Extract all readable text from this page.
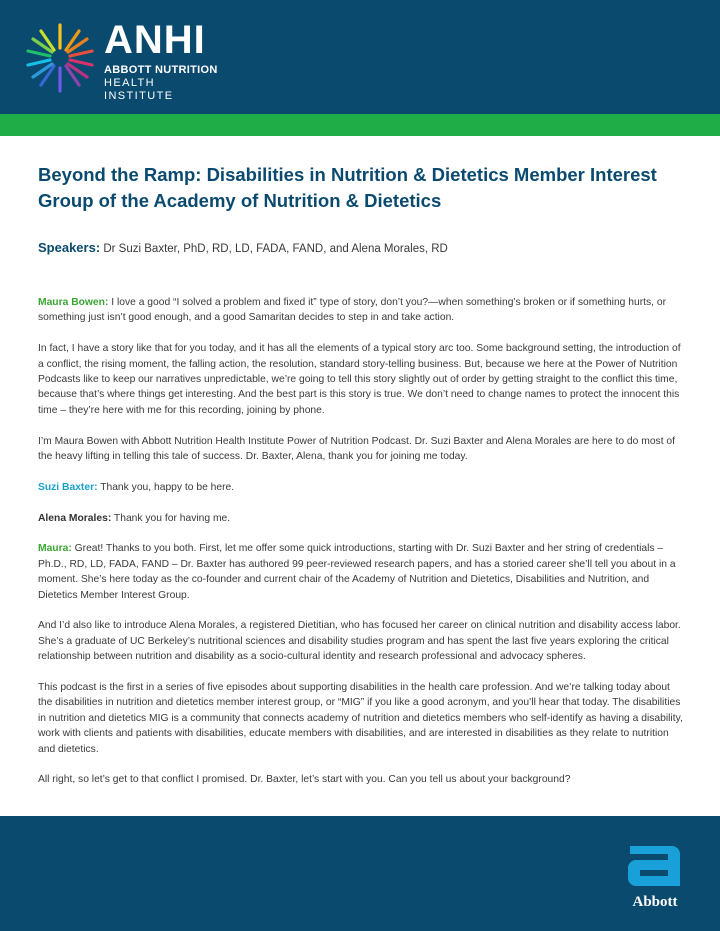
ANHI
ABBOTT NUTRITION
HEALTH INSTITUTE
Beyond the Ramp: Disabilities in Nutrition & Dietetics Member Interest Group of the Academy of Nutrition & Dietetics
Speakers: Dr Suzi Baxter, PhD, RD, LD, FADA, FAND, and Alena Morales, RD

Maura Bowen: I love a good “I solved a problem and fixed it” type of story, don’t you?—when something’s broken or if something hurts, or something just isn’t good enough, and a good Samaritan decides to step in and take action.

In fact, I have a story like that for you today, and it has all the elements of a typical story arc too. Some background setting, the introduction of a conflict, the rising moment, the falling action, the resolution, standard story-telling business. But, because we here at the Power of Nutrition Podcasts like to keep our narratives unpredictable, we’re going to tell this story slightly out of order by getting straight to the conflict this time, because that’s where things get interesting. And the best part is this story is true. We don’t need to change names to protect the innocent this time – they’re here with me for this recording, joining by phone.

I’m Maura Bowen with Abbott Nutrition Health Institute Power of Nutrition Podcast. Dr. Suzi Baxter and Alena Morales are here to do most of the heavy lifting in telling this tale of success. Dr. Baxter, Alena, thank you for joining me today.

Suzi Baxter: Thank you, happy to be here.

Alena Morales: Thank you for having me.

Maura: Great! Thanks to you both. First, let me offer some quick introductions, starting with Dr. Suzi Baxter and her string of credentials – Ph.D., RD, LD, FADA, FAND – Dr. Baxter has authored 99 peer-reviewed research papers, and has a storied career she’ll tell you about in a moment. She’s here today as the co-founder and current chair of the Academy of Nutrition and Dietetics, Disabilities and Nutrition, and Dietetics Member Interest Group.

And I’d also like to introduce Alena Morales, a registered Dietitian, who has focused her career on clinical nutrition and disability access labor. She’s a graduate of UC Berkeley’s nutritional sciences and disability studies program and has spent the last five years exploring the critical relationship between nutrition and disability as a socio-cultural identity and research professional and advocacy spheres.

This podcast is the first in a series of five episodes about supporting disabilities in the health care profession. And we’re talking today about the disabilities in nutrition and dietetics member interest group, or “MIG” if you like a good acronym, and you’ll hear that today. The disabilities in nutrition and dietetics MIG is a community that connects academy of nutrition and dietetics members who self-identify as having a disability, work with clients and patients with disabilities, educate members with disabilities, and are interested in disabilities as they relate to nutrition and dietetics.

All right, so let’s get to that conflict I promised. Dr. Baxter, let’s start with you. Can you tell us about your background?

Abbott
